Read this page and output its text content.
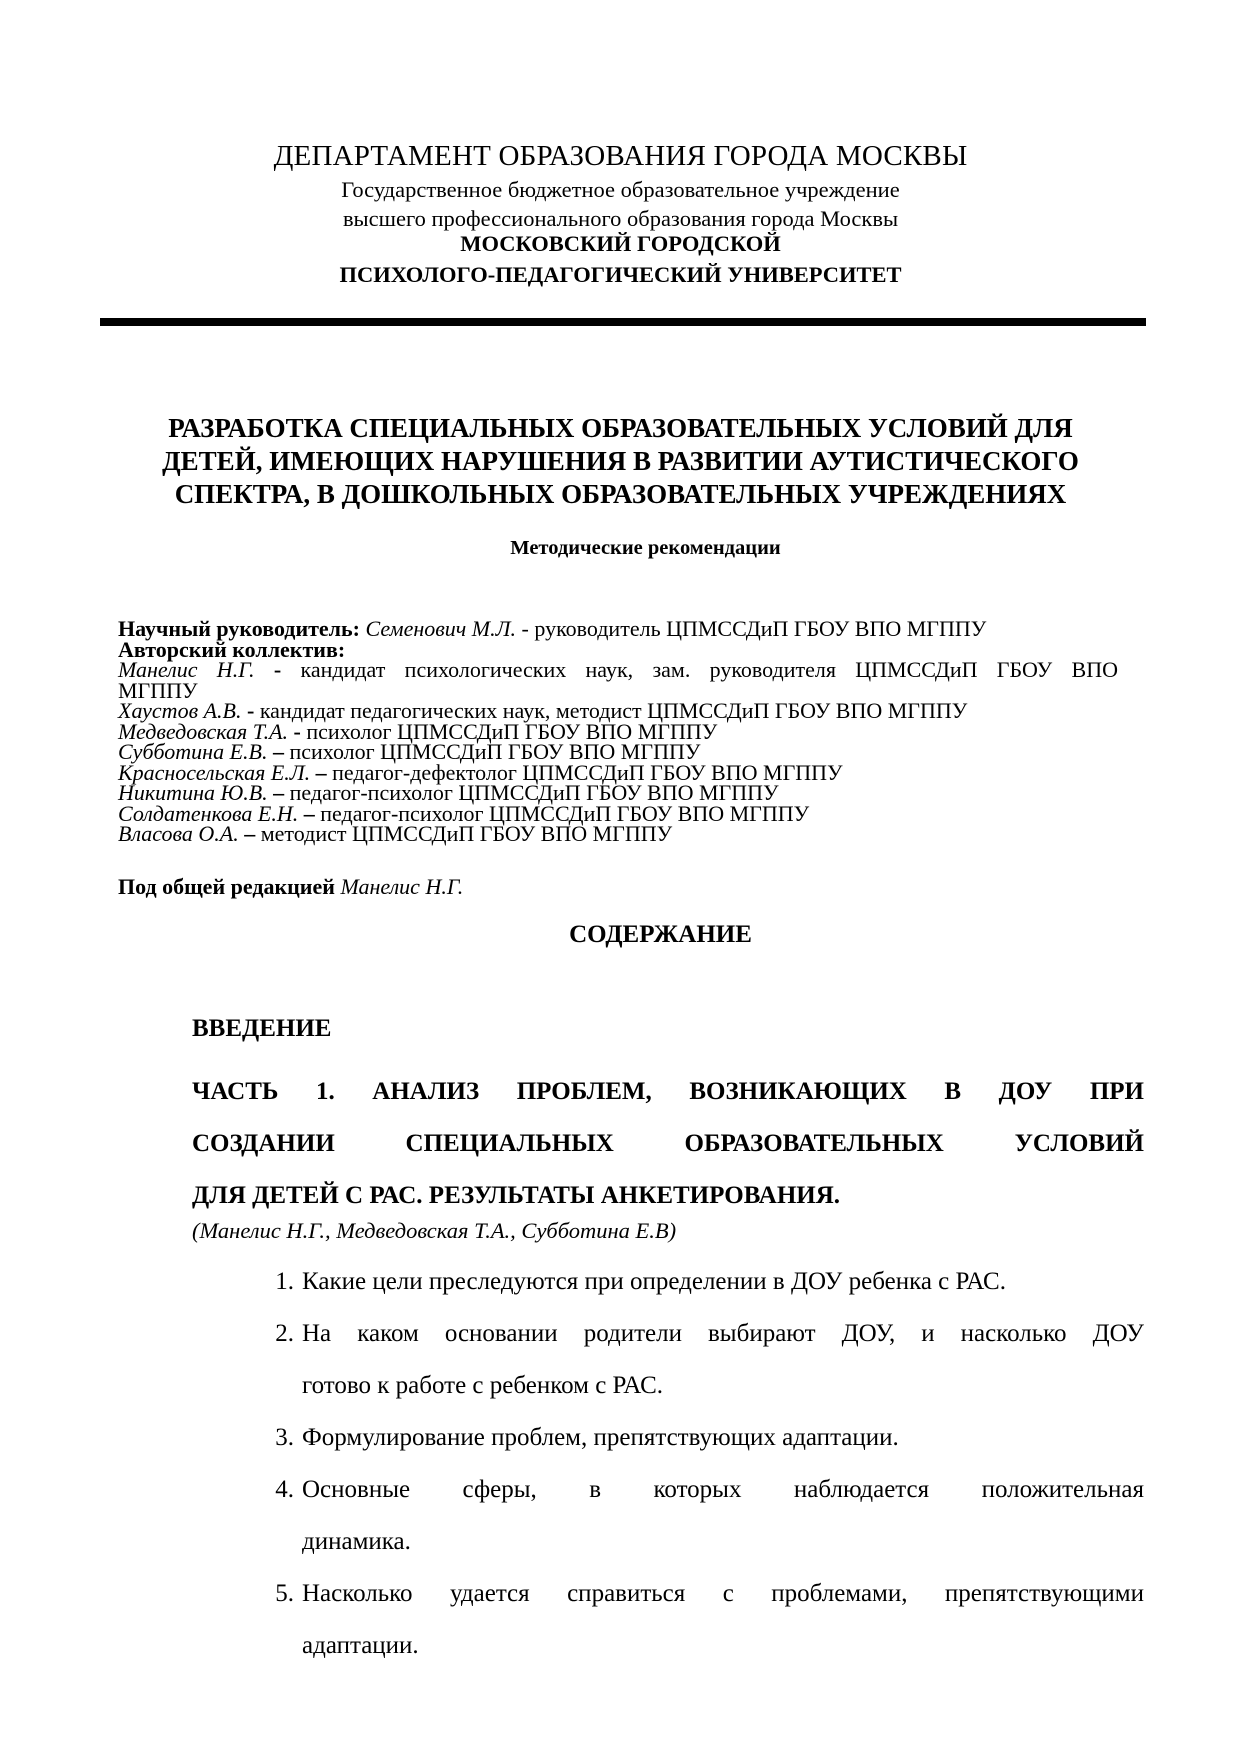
ДЕПАРТАМЕНТ ОБРАЗОВАНИЯ ГОРОДА МОСКВЫ
Государственное бюджетное образовательное учреждение
высшего профессионального образования города Москвы
МОСКОВСКИЙ ГОРОДСКОЙ
ПСИХОЛОГО-ПЕДАГОГИЧЕСКИЙ УНИВЕРСИТЕТ
РАЗРАБОТКА СПЕЦИАЛЬНЫХ ОБРАЗОВАТЕЛЬНЫХ УСЛОВИЙ ДЛЯ
ДЕТЕЙ, ИМЕЮЩИХ НАРУШЕНИЯ В РАЗВИТИИ АУТИСТИЧЕСКОГО
СПЕКТРА, В ДОШКОЛЬНЫХ ОБРАЗОВАТЕЛЬНЫХ УЧРЕЖДЕНИЯХ
Методические рекомендации
Научный руководитель: Семенович М.Л. - руководитель ЦПМССДиП ГБОУ ВПО МГППУ
Авторский коллектив:
Манелис Н.Г. - кандидат психологических наук, зам. руководителя ЦПМССДиП ГБОУ ВПО
МГППУ
Хаустов А.В. - кандидат педагогических наук, методист ЦПМССДиП ГБОУ ВПО МГППУ
Медведовская Т.А. - психолог ЦПМССДиП ГБОУ ВПО МГППУ
Субботина Е.В. – психолог ЦПМССДиП ГБОУ ВПО МГППУ
Красносельская Е.Л. – педагог-дефектолог ЦПМССДиП ГБОУ ВПО МГППУ
Никитина Ю.В. – педагог-психолог ЦПМССДиП ГБОУ ВПО МГППУ
Солдатенкова Е.Н. – педагог-психолог ЦПМССДиП ГБОУ ВПО МГППУ
Власова О.А. – методист ЦПМССДиП ГБОУ ВПО МГППУ
Под общей редакцией Манелис Н.Г.
СОДЕРЖАНИЕ
ВВЕДЕНИЕ
ЧАСТЬ 1. АНАЛИЗ ПРОБЛЕМ, ВОЗНИКАЮЩИХ В ДОУ ПРИ
СОЗДАНИИ СПЕЦИАЛЬНЫХ ОБРАЗОВАТЕЛЬНЫХ УСЛОВИЙ
ДЛЯ ДЕТЕЙ С РАС. РЕЗУЛЬТАТЫ АНКЕТИРОВАНИЯ.
(Манелис Н.Г., Медведовская Т.А., Субботина Е.В)
1. Какие цели преследуются при определении в ДОУ ребенка с РАС.
2. На каком основании родители выбирают ДОУ, и насколько ДОУ
готово к работе с ребенком с РАС.
3. Формулирование проблем, препятствующих адаптации.
4. Основные сферы, в которых наблюдается положительная
динамика.
5. Насколько удается справиться с проблемами, препятствующими
адаптации.
